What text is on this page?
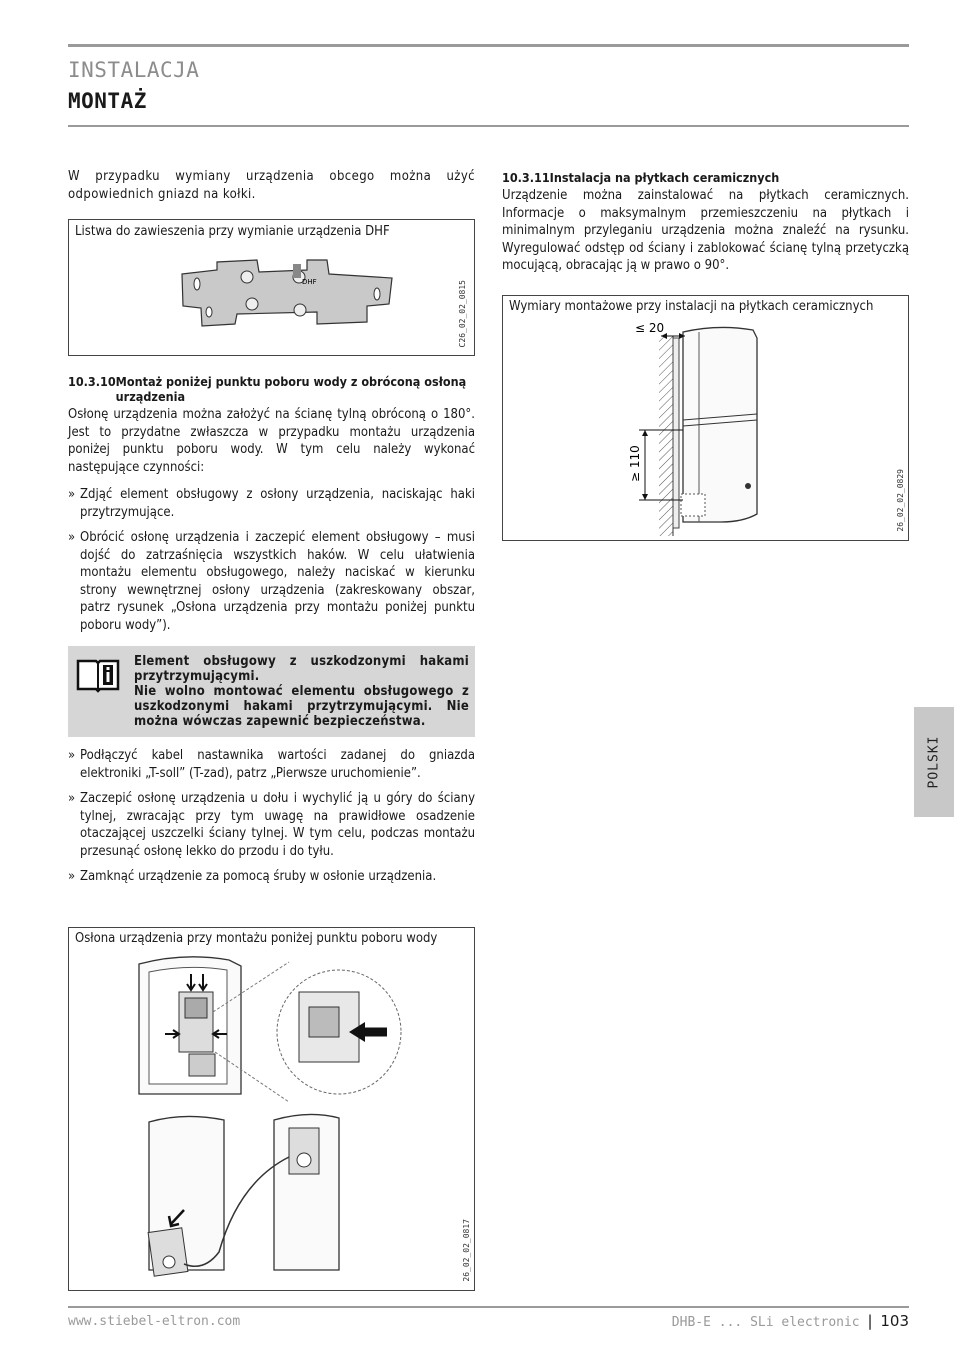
INSTALACJA
MONTAŻ

W przypadku wymiany urządzenia obcego można użyć odpowiednich gniazd na kołki.

Listwa do zawieszenia przy wymianie urządzenia DHF
DHF	C26_02_02_0815
10.3.10 Montaż poniżej punktu poboru wody z obróconą osłoną urządzenia

Osłonę urządzenia można założyć na ścianę tylną obróconą o 180°. Jest to przydatne zwłaszcza w przypadku montażu urządzenia poniżej punktu poboru wody. W tym celu należy wykonać następujące czynności:

» Zdjąć element obsługowy z osłony urządzenia, naciskając haki przytrzymujące.
» Obrócić osłonę urządzenia i zaczepić element obsługowy – musi dojść do zatrzaśnięcia wszystkich haków. W celu ułatwienia montażu elementu obsługowego, należy naciskać w kierunku strony wewnętrznej osłony urządzenia (zakreskowany obszar, patrz rysunek „Osłona urządzenia przy montażu poniżej punktu poboru wody”).
Element obsługowy z uszkodzonymi hakami przytrzymującymi.
Nie wolno montować elementu obsługowego z uszkodzonymi hakami przytrzymującymi. Nie można wówczas zapewnić bezpieczeństwa.
» Podłączyć kabel nastawnika wartości zadanej do gniazda elektroniki „T-soll” (T-zad), patrz „Pierwsze uruchomienie”.
» Zaczepić osłonę urządzenia u dołu i wychylić ją u góry do ściany tylnej, zwracając przy tym uwagę na prawidłowe osadzenie otaczającej uszczelki ściany tylnej. W tym celu, podczas montażu przesunąć osłonę lekko do przodu i do tyłu.
» Zamknąć urządzenie za pomocą śruby w osłonie urządzenia.
Osłona urządzenia przy montażu poniżej punktu poboru wody
26_02_02_0817
10.3.11 Instalacja na płytkach ceramicznych

Urządzenie można zainstalować na płytkach ceramicznych. Informacje o maksymalnym przemieszczeniu na płytkach i minimalnym przyleganiu urządzenia można znaleźć na rysunku. Wyregulować odstęp od ściany i zablokować ścianę tylną przetyczką mocującą, obracając ją w prawo o 90°.

Wymiary montażowe przy instalacji na płytkach ceramicznych
≤ 20
≥ 110
26_02_02_0829
POLSKI
www.stiebel-eltron.com	DHB-E ... SLi electronic | 103
